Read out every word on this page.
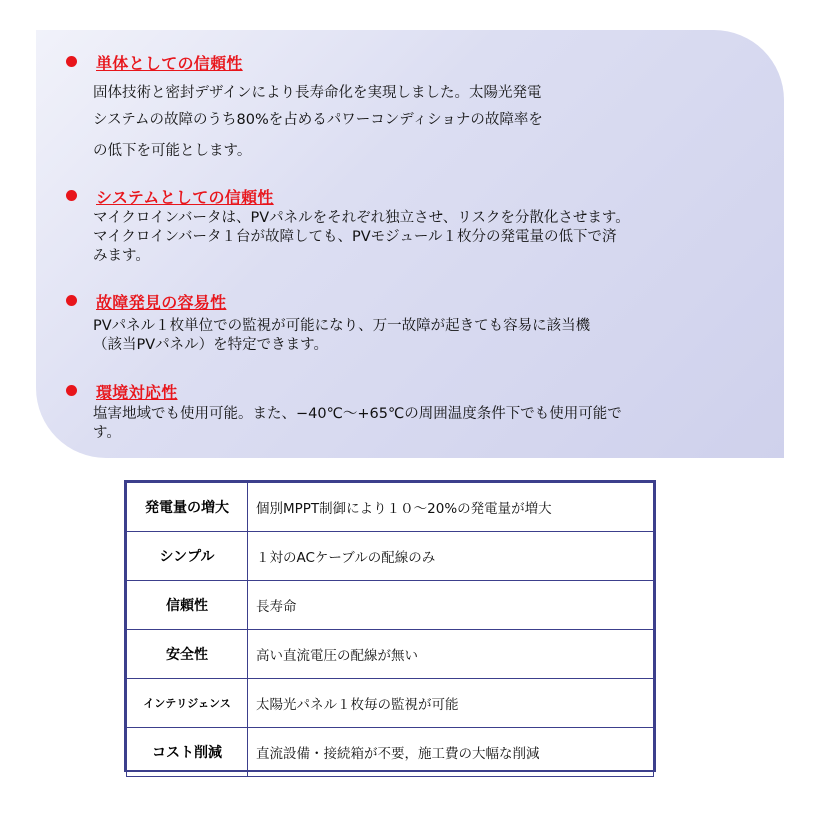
単体としての信頼性
固体技術と密封デザインにより長寿命化を実現しました。太陽光発電
システムの故障のうち80%を占めるパワーコンディショナの故障率を
の低下を可能とします。
システムとしての信頼性
マイクロインバータは、PVパネルをそれぞれ独立させ、リスクを分散化させます。
マイクロインバータ１台が故障しても、PVモジュール１枚分の発電量の低下で済
みます。
故障発見の容易性
PVパネル１枚単位での監視が可能になり、万一故障が起きても容易に該当機
（該当PVパネル）を特定できます。
環境対応性
塩害地域でも使用可能。また、−40℃～+65℃の周囲温度条件下でも使用可能で
す。
発電量の増大	個別MPPT制御により１０～20%の発電量が増大
シンプル	１対のACケーブルの配線のみ
信頼性	長寿命
安全性	高い直流電圧の配線が無い
インテリジェンス	太陽光パネル１枚毎の監視が可能
コスト削減	直流設備・接続箱が不要，施工費の大幅な削減
